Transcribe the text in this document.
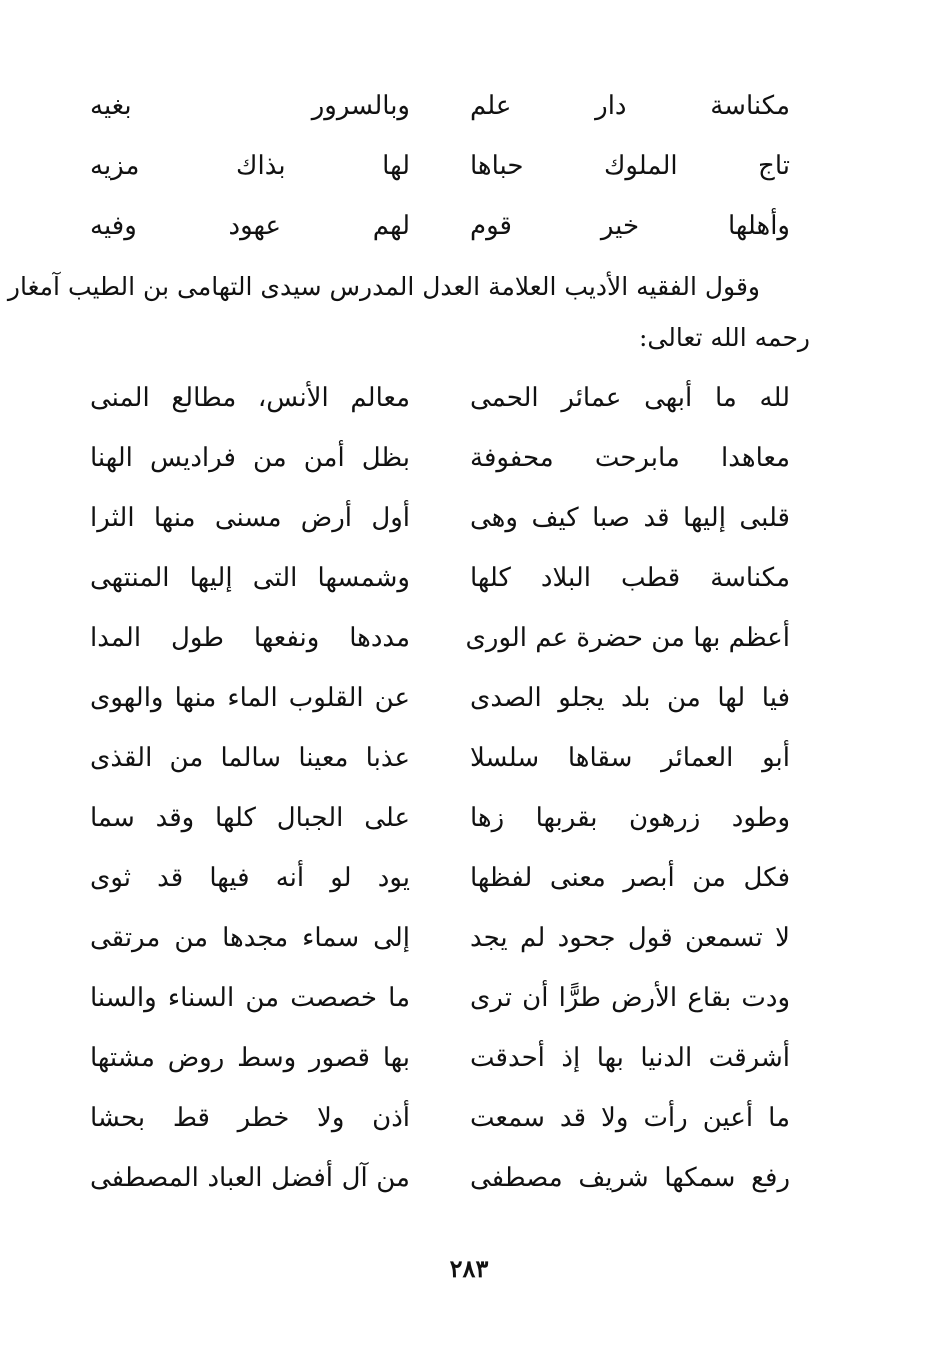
مكناسة دار علم
وبالسرور بغيه
تاج الملوك حباها
لها بذاك مزيه
وأهلها خير قوم
لهم عهود وفيه
وقول الفقيه الأديب العلامة العدل المدرس سيدى التهامى بن الطيب آمغار
رحمه الله تعالى:
لله ما أبهى عمائر الحمى
معالم الأنس، مطالع المنى
معاهدا مابرحت محفوفة
بظل أمن من فراديس الهنا
قلبى إليها قد صبا كيف وهى
أول أرض مسنى منها الثرا
مكناسة قطب البلاد كلها
وشمسها التى إليها المنتهى
أعظم بها من حضرة عم الورى
مددها ونفعها طول المدا
فيا لها من بلد يجلو الصدى
عن القلوب الماء منها والهوى
أبو العمائر سقاها سلسلا
عذبا معينا سالما من القذى
وطود زرهون بقربها زها
على الجبال كلها وقد سما
فكل من أبصر معنى لفظها
يود لو أنه فيها قد ثوى
لا تسمعن قول جحود لم يجد
إلى سماء مجدها من مرتقى
ودت بقاع الأرض طرًّا أن ترى
ما خصصت من السناء والسنا
أشرقت الدنيا بها إذ أحدقت
بها قصور وسط روض مشتها
ما أعين رأت ولا قد سمعت
أذن ولا خطر قط بحشا
رفع سمكها شريف مصطفى
من آل أفضل العباد المصطفى
٢٨٣
